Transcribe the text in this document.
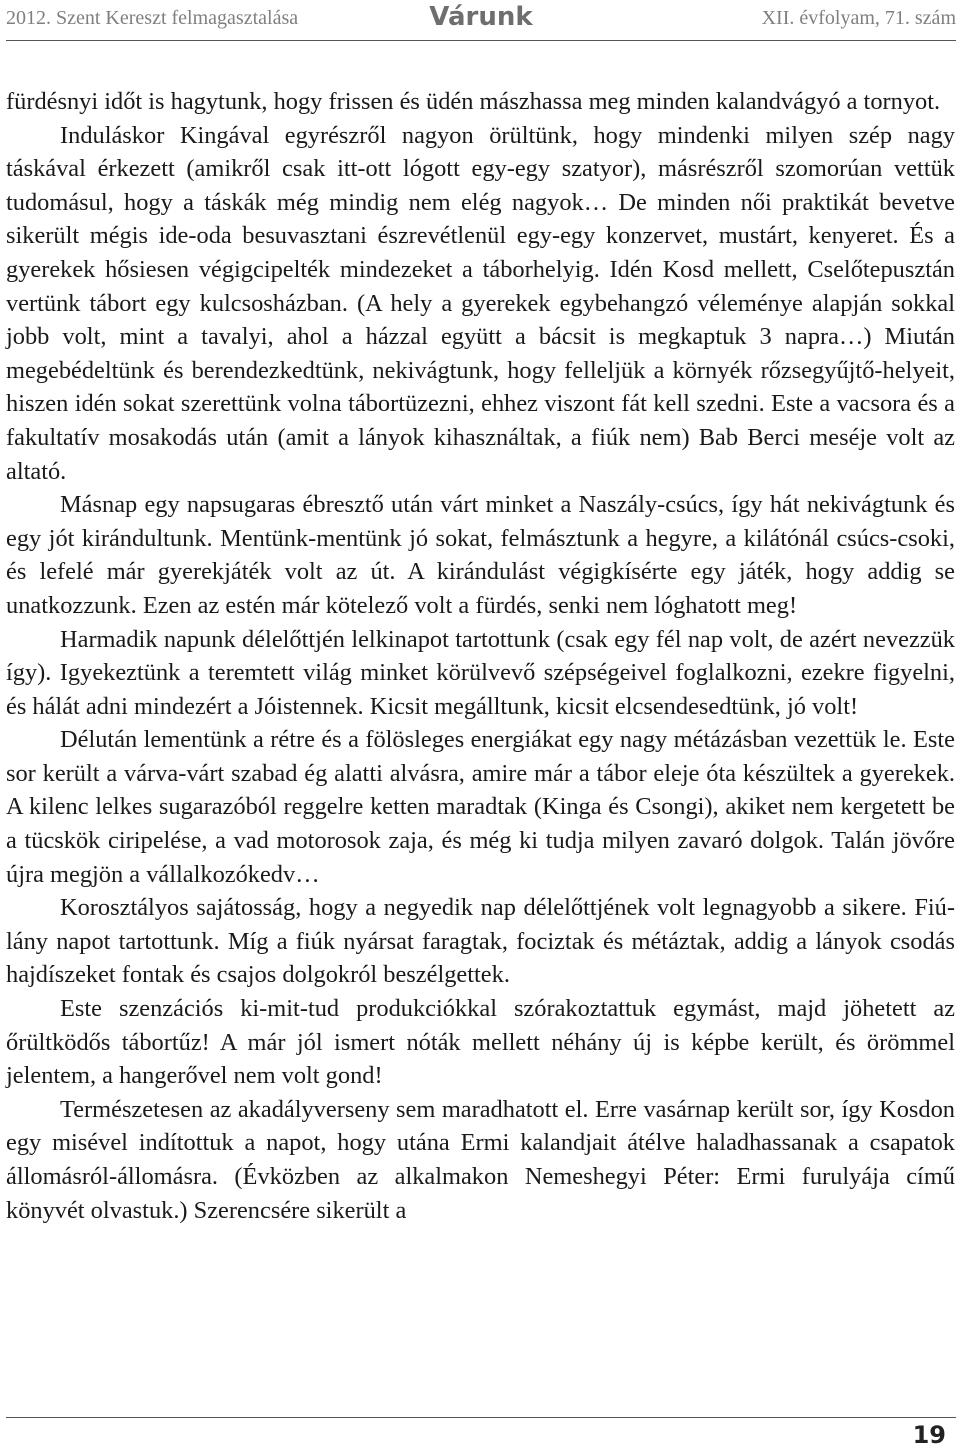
2012. Szent Kereszt felmagasztalása	Várunk	XII. évfolyam, 71. szám

fürdésnyi időt is hagytunk, hogy frissen és üdén mászhassa meg minden kalandvágyó a tornyot.

Induláskor Kingával egyrészről nagyon örültünk, hogy mindenki milyen szép nagy táskával érkezett (amikről csak itt-ott lógott egy-egy szatyor), másrészről szomorúan vettük tudomásul, hogy a táskák még mindig nem elég nagyok… De minden női praktikát bevetve sikerült mégis ide-oda besuvasztani észrevétlenül egy-egy konzervet, mustárt, kenyeret. És a gyerekek hősiesen végigcipelték mindezeket a táborhelyig. Idén Kosd mellett, Cselőtepusztán vertünk tábort egy kulcsosházban. (A hely a gyerekek egybehangzó véleménye alapján sokkal jobb volt, mint a tavalyi, ahol a házzal együtt a bácsit is megkaptuk 3 napra…) Miután megebédeltünk és berendezkedtünk, nekivágtunk, hogy felleljük a környék rőzsegyűjtő-helyeit, hiszen idén sokat szerettünk volna tábortüzezni, ehhez viszont fát kell szedni. Este a vacsora és a fakultatív mosakodás után (amit a lányok kihasználtak, a fiúk nem) Bab Berci meséje volt az altató.

Másnap egy napsugaras ébresztő után várt minket a Naszály-csúcs, így hát nekivágtunk és egy jót kirándultunk. Mentünk-mentünk jó sokat, felmásztunk a hegyre, a kilátónál csúcs-csoki, és lefelé már gyerekjáték volt az út. A kirándulást végigkísérte egy játék, hogy addig se unatkozzunk. Ezen az estén már kötelező volt a fürdés, senki nem lóghatott meg!

Harmadik napunk délelőttjén lelkinapot tartottunk (csak egy fél nap volt, de azért nevezzük így). Igyekeztünk a teremtett világ minket körülvevő szépségeivel foglalkozni, ezekre figyelni, és hálát adni mindezért a Jóistennek. Kicsit megálltunk, kicsit elcsendesedtünk, jó volt!

Délután lementünk a rétre és a fölösleges energiákat egy nagy métázásban vezettük le. Este sor került a várva-várt szabad ég alatti alvásra, amire már a tábor eleje óta készültek a gyerekek. A kilenc lelkes sugarazóból reggelre ketten maradtak (Kinga és Csongi), akiket nem kergetett be a tücskök ciripelése, a vad motorosok zaja, és még ki tudja milyen zavaró dolgok. Talán jövőre újra megjön a vállalkozókedv…

Korosztályos sajátosság, hogy a negyedik nap délelőttjének volt legnagyobb a sikere. Fiú-lány napot tartottunk. Míg a fiúk nyársat faragtak, fociztak és métáztak, addig a lányok csodás hajdíszeket fontak és csajos dolgokról beszélgettek.

Este szenzációs ki-mit-tud produkciókkal szórakoztattuk egymást, majd jöhetett az őrültködős tábortűz! A már jól ismert nóták mellett néhány új is képbe került, és örömmel jelentem, a hangerővel nem volt gond!

Természetesen az akadályverseny sem maradhatott el. Erre vasárnap került sor, így Kosdon egy misével indítottuk a napot, hogy utána Ermi kalandjait átélve haladhassanak a csapatok állomásról-állomásra. (Évközben az alkalmakon Nemeshegyi Péter: Ermi furulyája című könyvét olvastuk.) Szerencsére sikerült a

19
